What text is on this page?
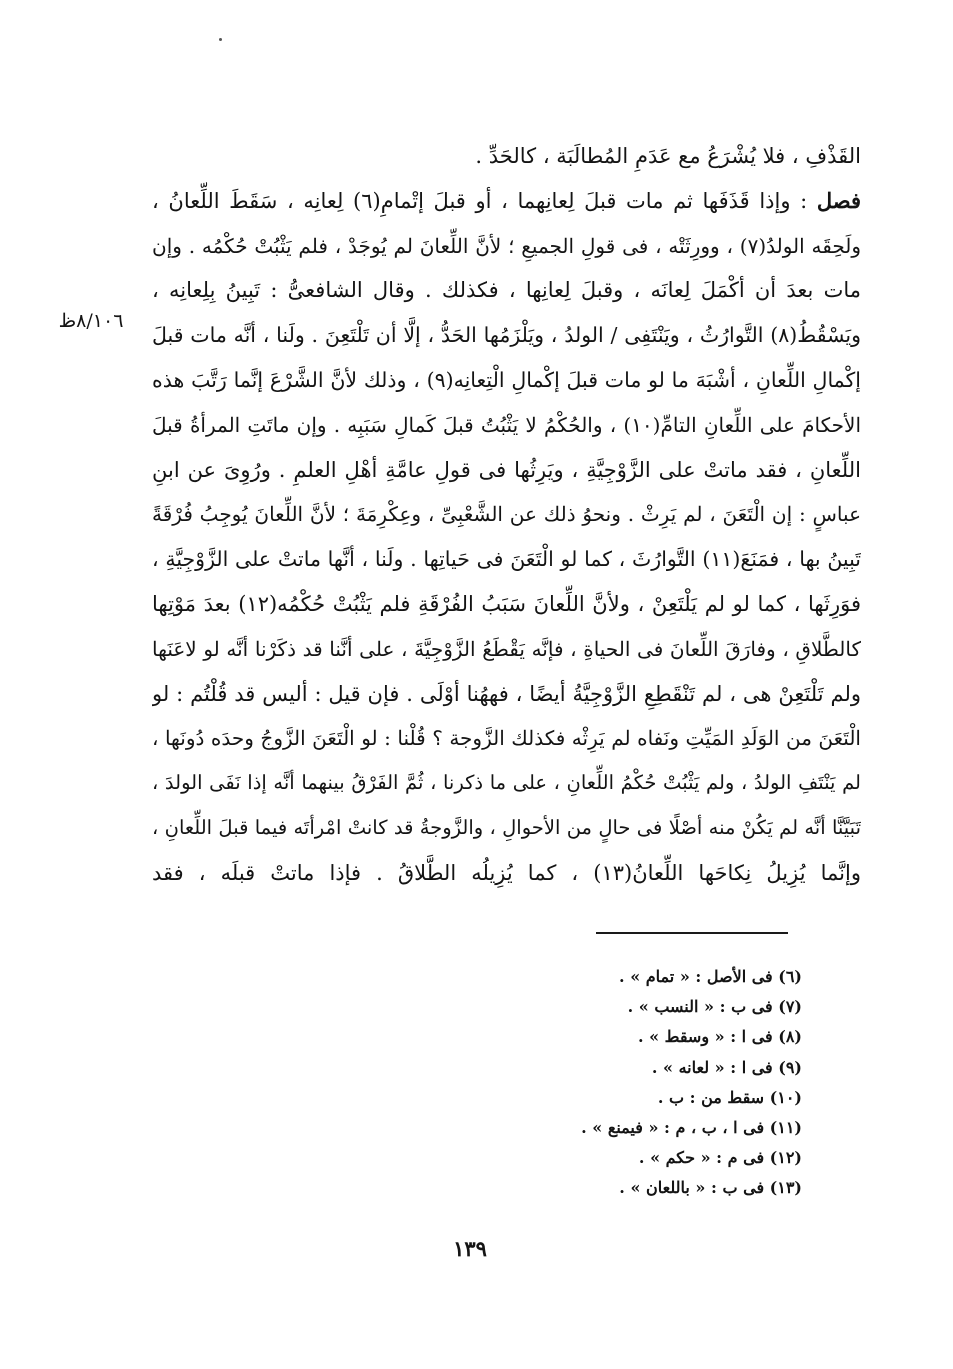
٨/١٠٦ظ
القَذْفِ ، فلا يُشْرَعُ مع عَدَمِ المُطالَبَة ، كالحَدِّ .
فصل : وإذا قَذَفَها ثم مات قبلَ لِعانِهما ، أو قبلَ إتْمامِ(٦) لِعانِه ، سَقَطَ اللِّعانُ ،
ولَحِقَه الولدُ(٧) ، وورِثَتْه ، فى قولِ الجميعِ ؛ لأنَّ اللِّعانَ لم يُوجَدْ ، فلم يَثْبُتْ حُكْمُه . وإن
مات بعدَ أن أكْمَلَ لِعانَه ، وقبلَ لِعانِها ، فكذلك . وقال الشافعىُّ : تَبِينُ بِلِعانِه ،
ويَسْقُطُ(٨) التَّوارُثُ ، ويَنْتَفِى / الولدُ ، ويَلْزَمُها الحَدُّ ، إلَّا أن تَلْتَعِنَ . ولَنا ، أنَّه مات قبلَ
إكْمالِ اللِّعانِ ، أشْبَهَ ما لو مات قبلَ إكْمالِ الْتِعانِه(٩) ، وذلك لأنَّ الشَّرْعَ إنَّما رَتَّبَ هذه
الأحكامَ على اللِّعانِ التامِّ(١٠) ، والحُكْمُ لا يَثْبُتُ قبلَ كَمالِ سَبَبِه . وإن ماتَتِ المرأةُ قبلَ
اللِّعانِ ، فقد ماتتْ على الزَّوْجِيَّةِ ، ويَرِثُها فى قولِ عامَّةِ أهْلِ العلمِ . ورُوِىَ عن ابنِ
عباسٍ : إن الْتَعَنَ ، لم يَرِثْ . ونحوُ ذلك عن الشَّعْبِىِّ ، وعِكْرِمَةَ ؛ لأنَّ اللِّعانَ يُوجِبُ فُرْقَةً
تَبِينُ بها ، فمَنَعَ(١١) التَّوارُثَ ، كما لو الْتَعَنَ فى حَياتِها . ولَنا ، أنَّها ماتتْ على الزَّوْجِيَّةِ ،
فوَرِثَها ، كما لو لم يَلْتَعِنْ ، ولأنَّ اللِّعانَ سَبَبُ الفُرْقَةِ فلم يَثْبُتْ حُكْمُه(١٢) بعدَ مَوْتِها
كالطَّلاقِ ، وفارَقَ اللِّعانَ فى الحياةِ ، فإنَّه يَقْطَعُ الزَّوْجِيَّةَ ، على أنَّنا قد ذكَرْنا أنَّه لو لاعَنَها
ولم تَلْتَعِنْ هى ، لم تَنْقَطِعِ الزَّوْجِيَّةُ أيضًا ، فههُنا أوْلَى . فإن قيل : أليس قد قُلْتُم : لو
الْتَعَنَ من الوَلَدِ المَيِّتِ ونَفاه لم يَرِثْه فكذلك الزَّوجة ؟ قُلْنا : لو الْتَعَنَ الزَّوجُ وحدَه دُونَها ،
لم يَنْتَفِ الولدُ ، ولم يَثْبُتْ حُكْمُ اللِّعانِ ، على ما ذكرنا ، ثُمَّ الفَرْقُ بينهما أنَّه إذا نَفَى الولدَ ،
تَبَيَّنَّا أنَّه لم يَكُنْ منه أصْلًا فى حالٍ من الأحوالِ ، والزَّوجةُ قد كانتْ امْرأتَه فيما قبلَ اللِّعانِ ،
وإنَّما يُزِيلُ نِكاحَها اللِّعانُ(١٣) ، كما يُزِيلُه الطَّلاقُ . فإذا ماتتْ قبلَه ، فقد
(٦) فى الأصل : « تمام » .
(٧) فى ب : « النسب » .
(٨) فى ا : « وسقط » .
(٩) فى ا : « لعانه » .
(١٠) سقط من : ب .
(١١) فى ا ، ب ، م : « فيمنع » .
(١٢) فى م : « حكم » .
(١٣) فى ب : « باللعان » .
١٣٩
